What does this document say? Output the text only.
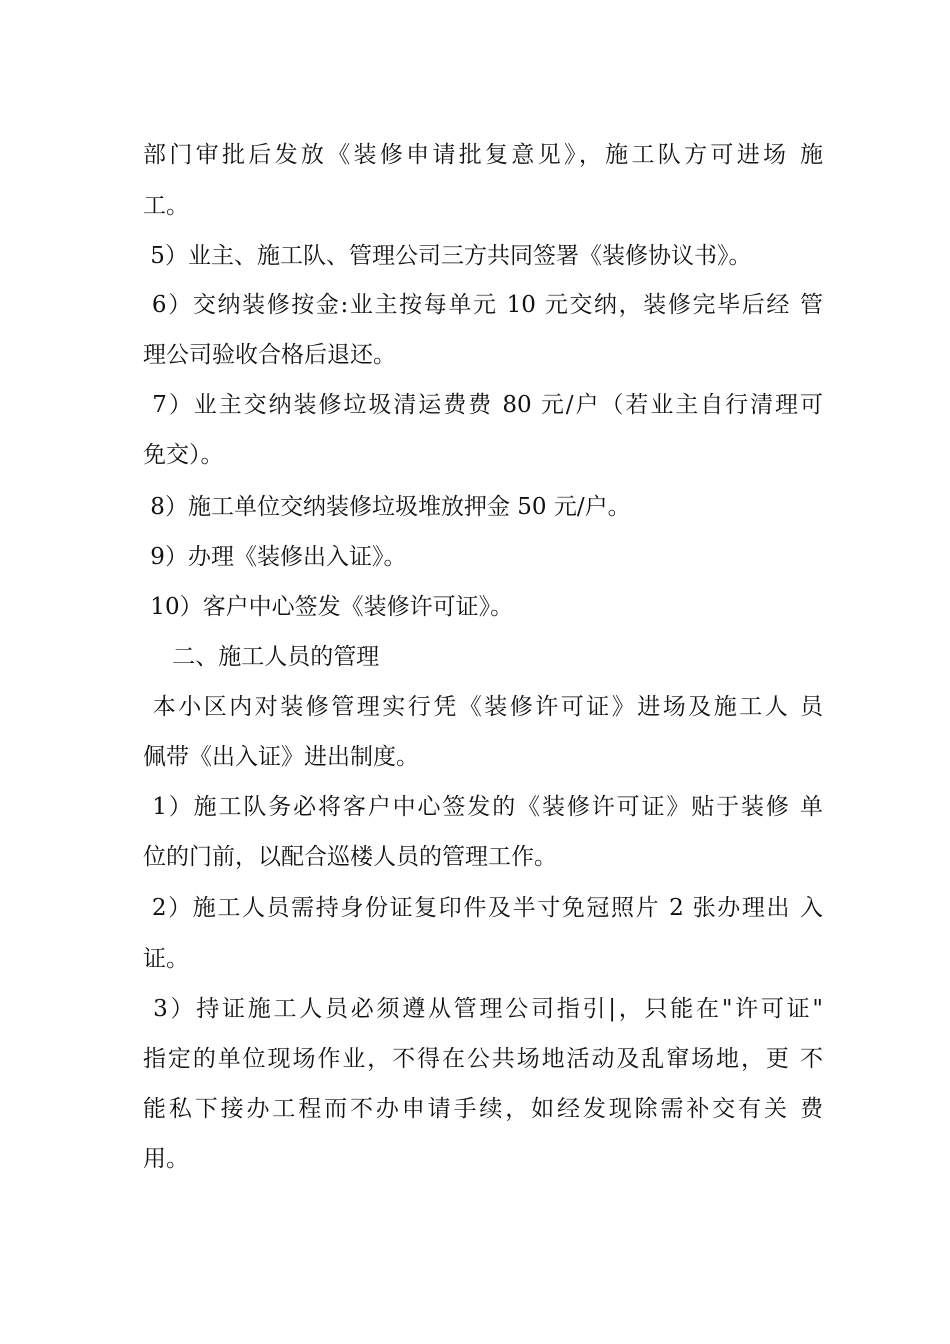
部门审批后发放《装修申请批复意见》，施工队方可进场 施
工。
5）业主、施工队、管理公司三方共同签署《装修协议书》。
6）交纳装修按金:业主按每单元 10 元交纳，装修完毕后经 管
理公司验收合格后退还。
7）业主交纳装修垃圾清运费费 80 元/户（若业主自行清理可
免交）。
8）施工单位交纳装修垃圾堆放押金 50 元/户。
9）办理《装修出入证》。
10）客户中心签发《装修许可证》。
二、施工人员的管理
本小区内对装修管理实行凭《装修许可证》进场及施工人 员
佩带《出入证》进出制度。
1）施工队务必将客户中心签发的《装修许可证》贴于装修 单
位的门前，以配合巡楼人员的管理工作。
2）施工人员需持身份证复印件及半寸免冠照片 2 张办理出 入
证。
3）持证施工人员必须遵从管理公司指引|，只能在"许可证"
指定的单位现场作业，不得在公共场地活动及乱窜场地，更 不
能私下接办工程而不办申请手续，如经发现除需补交有关 费
用。
